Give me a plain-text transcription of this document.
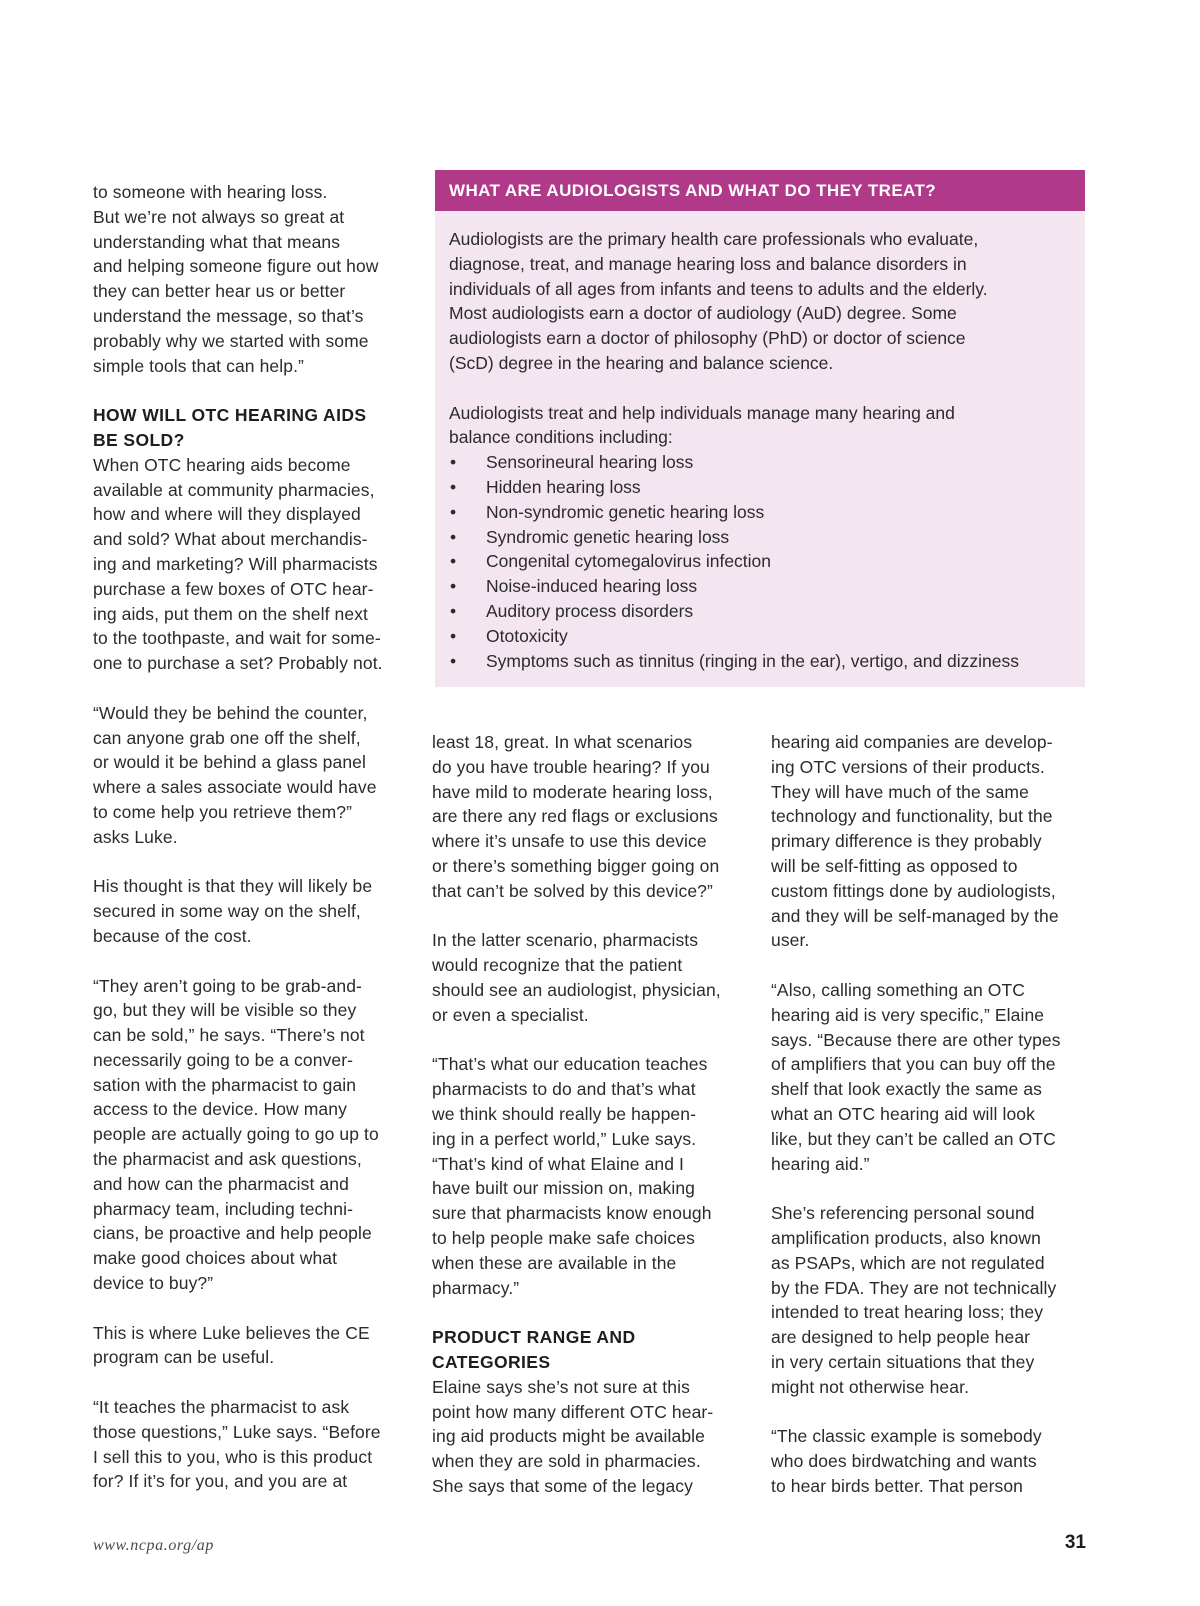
to someone with hearing loss.
But we’re not always so great at
understanding what that means
and helping someone figure out how
they can better hear us or better
understand the message, so that’s
probably why we started with some
simple tools that can help.”

HOW WILL OTC HEARING AIDS
BE SOLD?

When OTC hearing aids become
available at community pharmacies,
how and where will they displayed
and sold? What about merchandis-
ing and marketing? Will pharmacists
purchase a few boxes of OTC hear-
ing aids, put them on the shelf next
to the toothpaste, and wait for some-
one to purchase a set? Probably not.

“Would they be behind the counter,
can anyone grab one off the shelf,
or would it be behind a glass panel
where a sales associate would have
to come help you retrieve them?”
asks Luke.

His thought is that they will likely be
secured in some way on the shelf,
because of the cost.

“They aren’t going to be grab-and-
go, but they will be visible so they
can be sold,” he says. “There’s not
necessarily going to be a conver-
sation with the pharmacist to gain
access to the device. How many
people are actually going to go up to
the pharmacist and ask questions,
and how can the pharmacist and
pharmacy team, including techni-
cians, be proactive and help people
make good choices about what
device to buy?”

This is where Luke believes the CE
program can be useful.

“It teaches the pharmacist to ask
those questions,” Luke says. “Before
I sell this to you, who is this product
for? If it’s for you, and you are at

WHAT ARE AUDIOLOGISTS AND WHAT DO THEY TREAT?

Audiologists are the primary health care professionals who evaluate,
diagnose, treat, and manage hearing loss and balance disorders in
individuals of all ages from infants and teens to adults and the elderly.
Most audiologists earn a doctor of audiology (AuD) degree. Some
audiologists earn a doctor of philosophy (PhD) or doctor of science
(ScD) degree in the hearing and balance science.

Audiologists treat and help individuals manage many hearing and
balance conditions including:

• Sensorineural hearing loss
• Hidden hearing loss
• Non-syndromic genetic hearing loss
• Syndromic genetic hearing loss
• Congenital cytomegalovirus infection
• Noise-induced hearing loss
• Auditory process disorders
• Ototoxicity
• Symptoms such as tinnitus (ringing in the ear), vertigo, and dizziness

least 18, great. In what scenarios
do you have trouble hearing? If you
have mild to moderate hearing loss,
are there any red flags or exclusions
where it’s unsafe to use this device
or there’s something bigger going on
that can’t be solved by this device?”

In the latter scenario, pharmacists
would recognize that the patient
should see an audiologist, physician,
or even a specialist.

“That’s what our education teaches
pharmacists to do and that’s what
we think should really be happen-
ing in a perfect world,” Luke says.
“That’s kind of what Elaine and I
have built our mission on, making
sure that pharmacists know enough
to help people make safe choices
when these are available in the
pharmacy.”

PRODUCT RANGE AND
CATEGORIES

Elaine says she’s not sure at this
point how many different OTC hear-
ing aid products might be available
when they are sold in pharmacies.
She says that some of the legacy

hearing aid companies are develop-
ing OTC versions of their products.
They will have much of the same
technology and functionality, but the
primary difference is they probably
will be self-fitting as opposed to
custom fittings done by audiologists,
and they will be self-managed by the
user.

“Also, calling something an OTC
hearing aid is very specific,” Elaine
says. “Because there are other types
of amplifiers that you can buy off the
shelf that look exactly the same as
what an OTC hearing aid will look
like, but they can’t be called an OTC
hearing aid.”

She’s referencing personal sound
amplification products, also known
as PSAPs, which are not regulated
by the FDA. They are not technically
intended to treat hearing loss; they
are designed to help people hear
in very certain situations that they
might not otherwise hear.

“The classic example is somebody
who does birdwatching and wants
to hear birds better. That person

www.ncpa.org/ap	31
